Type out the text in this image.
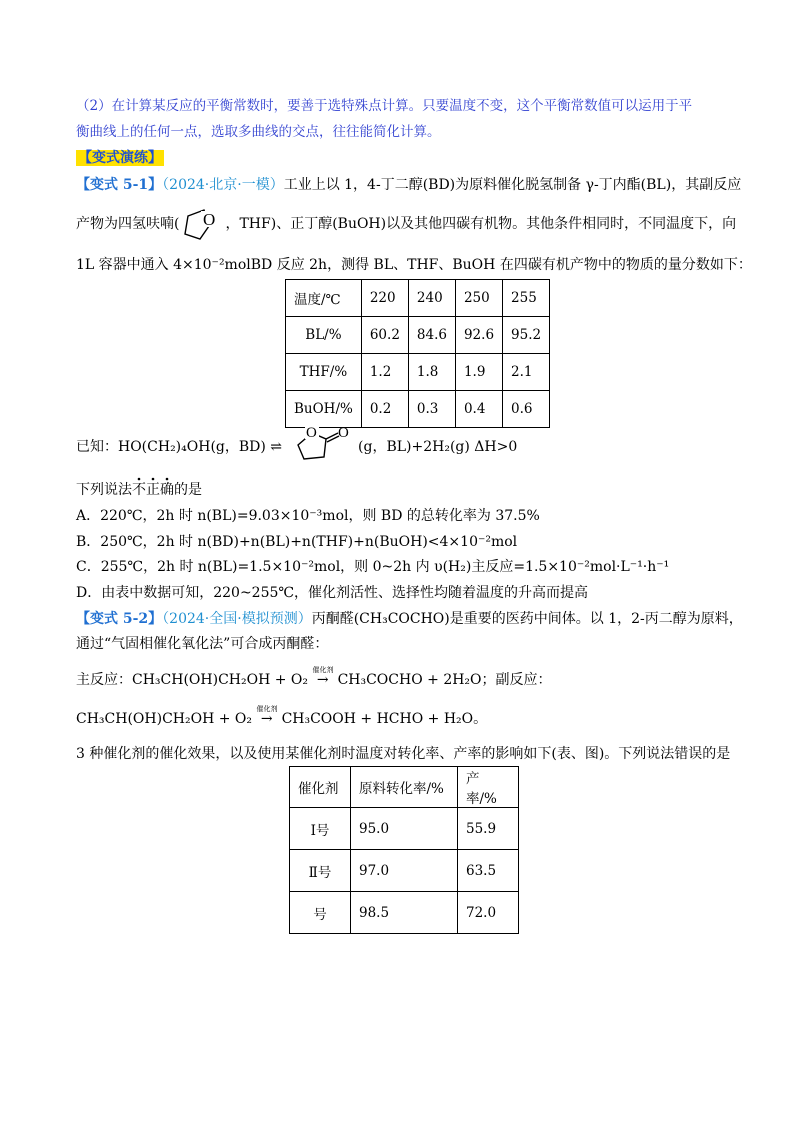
（2）在计算某反应的平衡常数时，要善于选特殊点计算。只要温度不变，这个平衡常数值可以运用于平
衡曲线上的任何一点，选取多曲线的交点，往往能简化计算。
【变式演练】
【变式 5-1】（2024·北京·一模）工业上以 1，4-丁二醇(BD)为原料催化脱氢制备 γ-丁内酯(BL)，其副反应
产物为四氢呋喃( O ，THF)、正丁醇(BuOH)以及其他四碳有机物。其他条件相同时，不同温度下，向
1L 容器中通入 4×10⁻²molBD 反应 2h，测得 BL、THF、BuOH 在四碳有机产物中的物质的量分数如下：
温度/℃	220	240	250	255
BL/%	60.2	84.6	92.6	95.2
THF/%	1.2	1.8	1.9	2.1
BuOH/%	0.2	0.3	0.4	0.6
已知：HO(CH₂)₄OH(g，BD) ⇌
O O
(g，BL)+2H₂(g) ΔH>0
下列说法不正确
的是
A．220℃，2h 时 n(BL)=9.03×10⁻³mol，则 BD 的总转化率为 37.5%
B．250℃，2h 时 n(BD)+n(BL)+n(THF)+n(BuOH)<4×10⁻²mol
C．255℃，2h 时 n(BL)=1.5×10⁻²mol，则 0~2h 内 υ(H₂)主反应=1.5×10⁻²mol·L⁻¹·h⁻¹
D．由表中数据可知，220~255℃，催化剂活性、选择性均随着温度的升高而提高
【变式 5-2】（2024·全国·模拟预测）丙酮醛(CH₃COCHO)是重要的医药中间体。以 1，2-丙二醇为原料，
通过“气固相催化氧化法”可合成丙酮醛：
主反应：CH₃CH(OH)CH₂OH + O₂
催化剂
→  CH₃COCHO + 2H₂O；副反应：
CH₃CH(OH)CH₂OH + O₂
催化剂
→  CH₃COOH + HCHO + H₂O。
3 种催化剂的催化效果，以及使用某催化剂时温度对转化率、产率的影响如下(表、图)。下列说法错误的是
催化剂	原料转化率/%	产率/%
Ⅰ号	95.0	55.9
Ⅱ号	97.0	63.5
号	98.5	72.0
